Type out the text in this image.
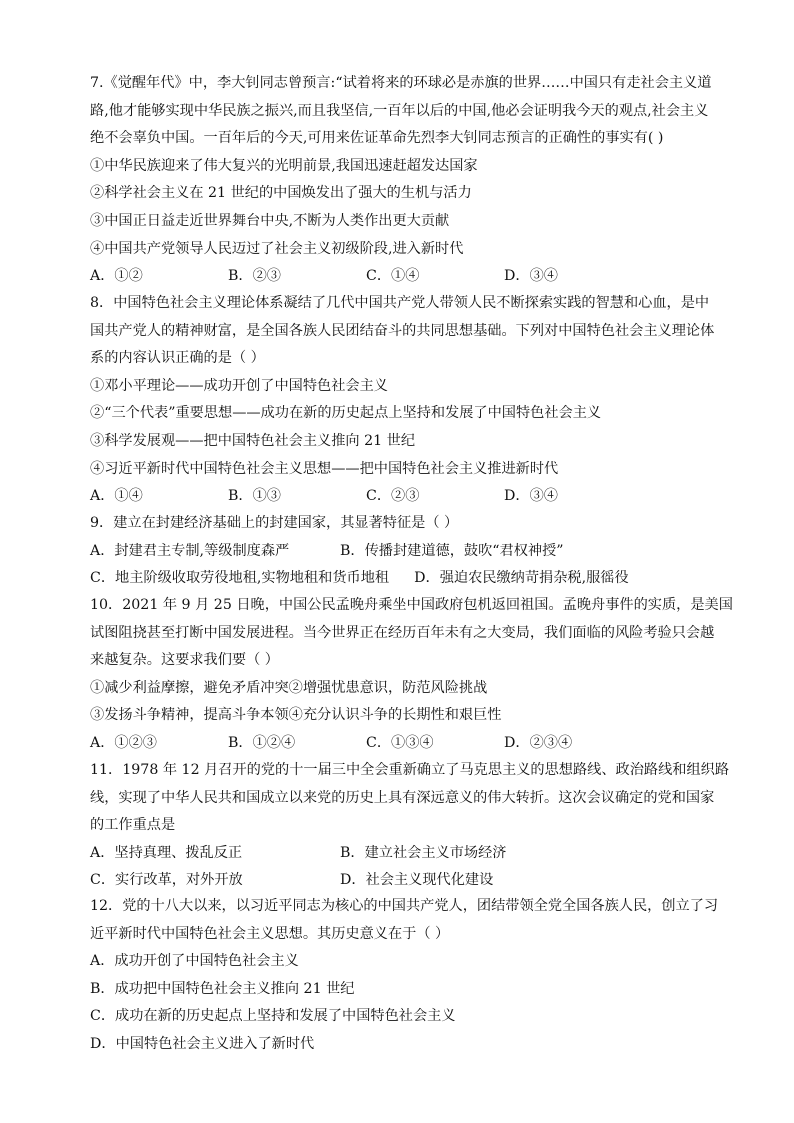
7.《觉醒年代》中，李大钊同志曾预言:“试着将来的环球必是赤旗的世界……中国只有走社会主义道

路,他才能够实现中华民族之振兴,而且我坚信,一百年以后的中国,他必会证明我今天的观点,社会主义

绝不会辜负中国。一百年后的今天,可用来佐证革命先烈李大钊同志预言的正确性的事实有( )

①中华民族迎来了伟大复兴的光明前景,我国迅速赶超发达国家

②科学社会主义在 21 世纪的中国焕发出了强大的生机与活力

③中国正日益走近世界舞台中央,不断为人类作出更大贡献

④中国共产党领导人民迈过了社会主义初级阶段,进入新时代

A．①②	B．②③	C．①④	D．③④

8．中国特色社会主义理论体系凝结了几代中国共产党人带领人民不断探索实践的智慧和心血，是中

国共产党人的精神财富，是全国各族人民团结奋斗的共同思想基础。下列对中国特色社会主义理论体

系的内容认识正确的是（ ）

①邓小平理论——成功开创了中国特色社会主义

②“三个代表”重要思想——成功在新的历史起点上坚持和发展了中国特色社会主义

③科学发展观——把中国特色社会主义推向 21 世纪

④习近平新时代中国特色社会主义思想——把中国特色社会主义推进新时代

A．①④	B．①③	C．②③	D．③④

9．建立在封建经济基础上的封建国家，其显著特征是（ ）

A．封建君主专制,等级制度森严	B．传播封建道德，鼓吹“君权神授”

C．地主阶级收取劳役地租,实物地租和货币地租 D．强迫农民缴纳苛捐杂税,服徭役

10．2021 年 9 月 25 日晚，中国公民孟晚舟乘坐中国政府包机返回祖国。孟晚舟事件的实质，是美国

试图阻挠甚至打断中国发展进程。当今世界正在经历百年未有之大变局，我们面临的风险考验只会越

来越复杂。这要求我们要（ ）

①减少利益摩擦，避免矛盾冲突②增强忧患意识，防范风险挑战

③发扬斗争精神，提高斗争本领④充分认识斗争的长期性和艰巨性

A．①②③	B．①②④	C．①③④	D．②③④

11．1978 年 12 月召开的党的十一届三中全会重新确立了马克思主义的思想路线、政治路线和组织路

线，实现了中华人民共和国成立以来党的历史上具有深远意义的伟大转折。这次会议确定的党和国家

的工作重点是

A．坚持真理、拨乱反正	B．建立社会主义市场经济

C．实行改革，对外开放	D．社会主义现代化建设

12．党的十八大以来，以习近平同志为核心的中国共产党人，团结带领全党全国各族人民，创立了习

近平新时代中国特色社会主义思想。其历史意义在于（ ）

A．成功开创了中国特色社会主义

B．成功把中国特色社会主义推向 21 世纪

C．成功在新的历史起点上坚持和发展了中国特色社会主义

D．中国特色社会主义进入了新时代
